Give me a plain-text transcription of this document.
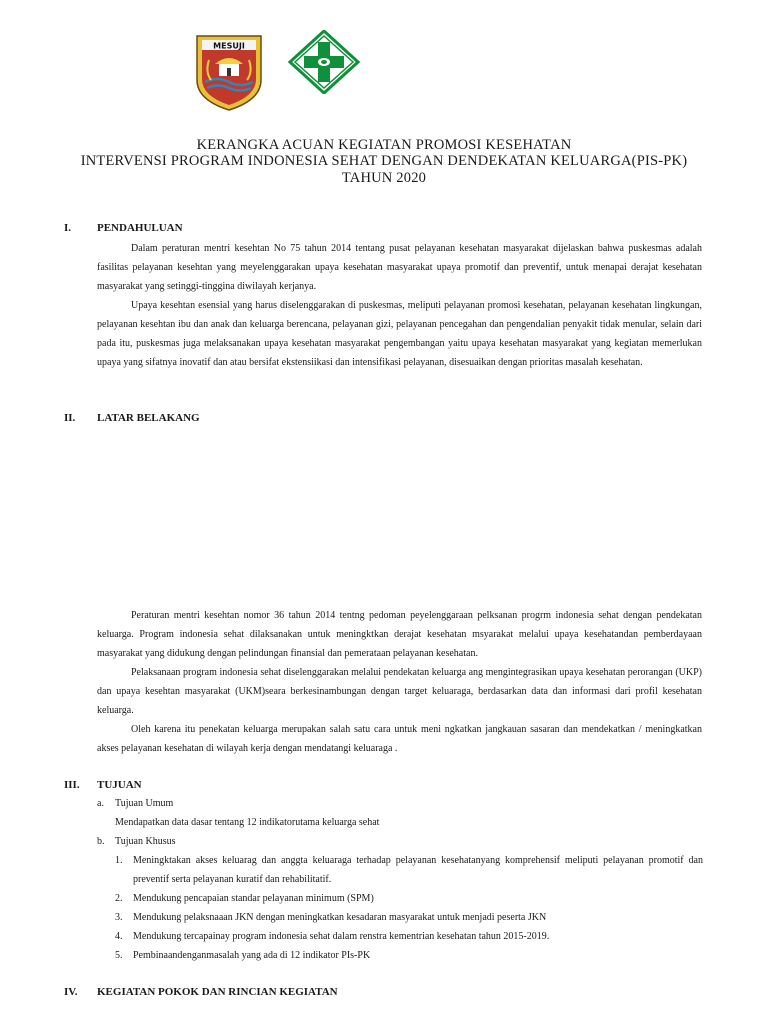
MESUJI
KERANGKA ACUAN KEGIATAN PROMOSI KESEHATAN
INTERVENSI PROGRAM INDONESIA SEHAT DENGAN DENDEKATAN KELUARGA(PIS-PK)
TAHUN 2020
I. PENDAHULUAN
Dalam peraturan mentri kesehtan No 75 tahun 2014 tentang pusat pelayanan kesehatan masyarakat dijelaskan bahwa puskesmas adalah fasilitas pelayanan kesehtan yang meyelenggarakan upaya kesehatan masyarakat upaya promotif dan preventif, untuk menapai derajat kesehatan masyarakat yang setinggi-tinggina diwilayah kerjanya.
Upaya kesehtan esensial yang harus diselenggarakan di puskesmas, meliputi pelayanan promosi kesehatan, pelayanan kesehatan lingkungan, pelayanan kesehtan ibu dan anak dan keluarga berencana, pelayanan gizi, pelayanan pencegahan dan pengendalian penyakit tidak menular, selain dari pada itu, puskesmas juga melaksanakan upaya kesehatan masyarakat pengembangan yaitu upaya kesehatan masyarakat yang kegiatan memerlukan upaya yang sifatnya inovatif dan atau bersifat ekstensiikasi dan intensifikasi pelayanan, disesuaikan dengan prioritas masalah kesehatan.
II. LATAR BELAKANG
Peraturan mentri kesehtan nomor 36 tahun 2014 tentng pedoman peyelenggaraan pelksanan progrm indonesia sehat dengan pendekatan keluarga. Program indonesia sehat dilaksanakan untuk meningktkan derajat kesehatan msyarakat melalui upaya kesehatandan pemberdayaan masyarakat yang didukung dengan pelindungan finansial dan pemerataan pelayanan kesehatan.
Pelaksanaan program indonesia sehat diselenggarakan melalui pendekatan keluarga ang mengintegrasikan upaya kesehatan perorangan (UKP) dan upaya kesehtan masyarakat (UKM)seara berkesinambungan dengan target keluaraga, berdasarkan data dan informasi dari profil kesehatan keluarga.
Oleh karena itu penekatan keluarga merupakan salah satu cara untuk meni ngkatkan jangkauan sasaran dan mendekatkan / meningkatkan akses pelayanan kesehatan di wilayah kerja dengan mendatangi keluaraga .
III. TUJUAN
a. Tujuan Umum
Mendapatkan data dasar tentang 12 indikatorutama keluarga sehat
b. Tujuan Khusus
1. Meningktakan akses keluarag dan anggta keluaraga terhadap pelayanan kesehatanyang komprehensif meliputi pelayanan promotif dan preventif serta pelayanan kuratif dan rehabilitatif.
2. Mendukung pencapaian standar pelayanan minimum (SPM)
3. Mendukung pelaksnaaan JKN dengan meningkatkan kesadaran masyarakat untuk menjadi peserta JKN
4. Mendukung tercapainay program indonesia sehat dalam renstra kementrian kesehatan tahun 2015-2019.
5. Pembinaandenganmasalah yang ada di 12 indikator PIs-PK
IV. KEGIATAN POKOK DAN RINCIAN KEGIATAN
